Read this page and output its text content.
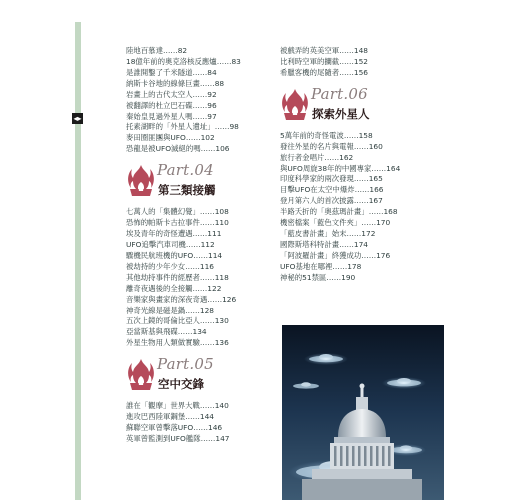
◂▸
陸地百慕達……82
18億年前的奧克洛核反應爐……83
是誰開鑿了千米隧道……84
納斯卡谷地的線條巨畫……88
岩畫上的古代太空人……92
被翻譯的杜立巴石碟……96
秦始皇見過外星人嗎……97
托素湖畔的「外星人遺址」……98
麥田圈匪團與UFO……102
恐龍是被UFO滅絕的嗎……106
Part.04
第三類接觸
七萬人的「集體幻覺」……108
恐怖的帕斯卡古拉事件……110
埃及青年的奇怪遭遇……111
UFO追擊汽車司機……112
驟機民航班機的UFO……114
被劫持的少年少女……116
其他劫持事件的經歷者……118
離奇夜遇後的全接觸……122
音樂家與畫家的深夜奇遇……126
神奇光線是磁是鍋……128
五次上鏡的哥倫比亞人……130
亞當斯基與飛碟……134
外星生物用人類做實驗……136
Part.05
空中交鋒
誰在「觀摩」世界大戰……140
進攻巴西陸軍鋼堡……144
蘇聯空軍曾擊落UFO……146
英軍曾監測到UFO艦隊……147
被戲弄的英美空軍……148
比利時空軍的攔截……152
希臘客機的尾隨者……156
Part.06
探索外星人
5萬年前的奇怪電波……158
發往外星的名片與電報……160
旅行者金唱片……162
與UFO周旋38年的中國專家……164
印度科學家的兩次發現……165
目擊UFO在太空中爆炸……166
登月第六人的首次披露……167
半路夭折的「奧茲瑪計畫」……168
機密檔案「藍色文件夾」……170
「藍皮書計畫」始末……172
國際斯塔科特計畫……174
「阿波羅計畫」終獲成功……176
UFO基地在哪裡……178
神秘的51禁區……190
